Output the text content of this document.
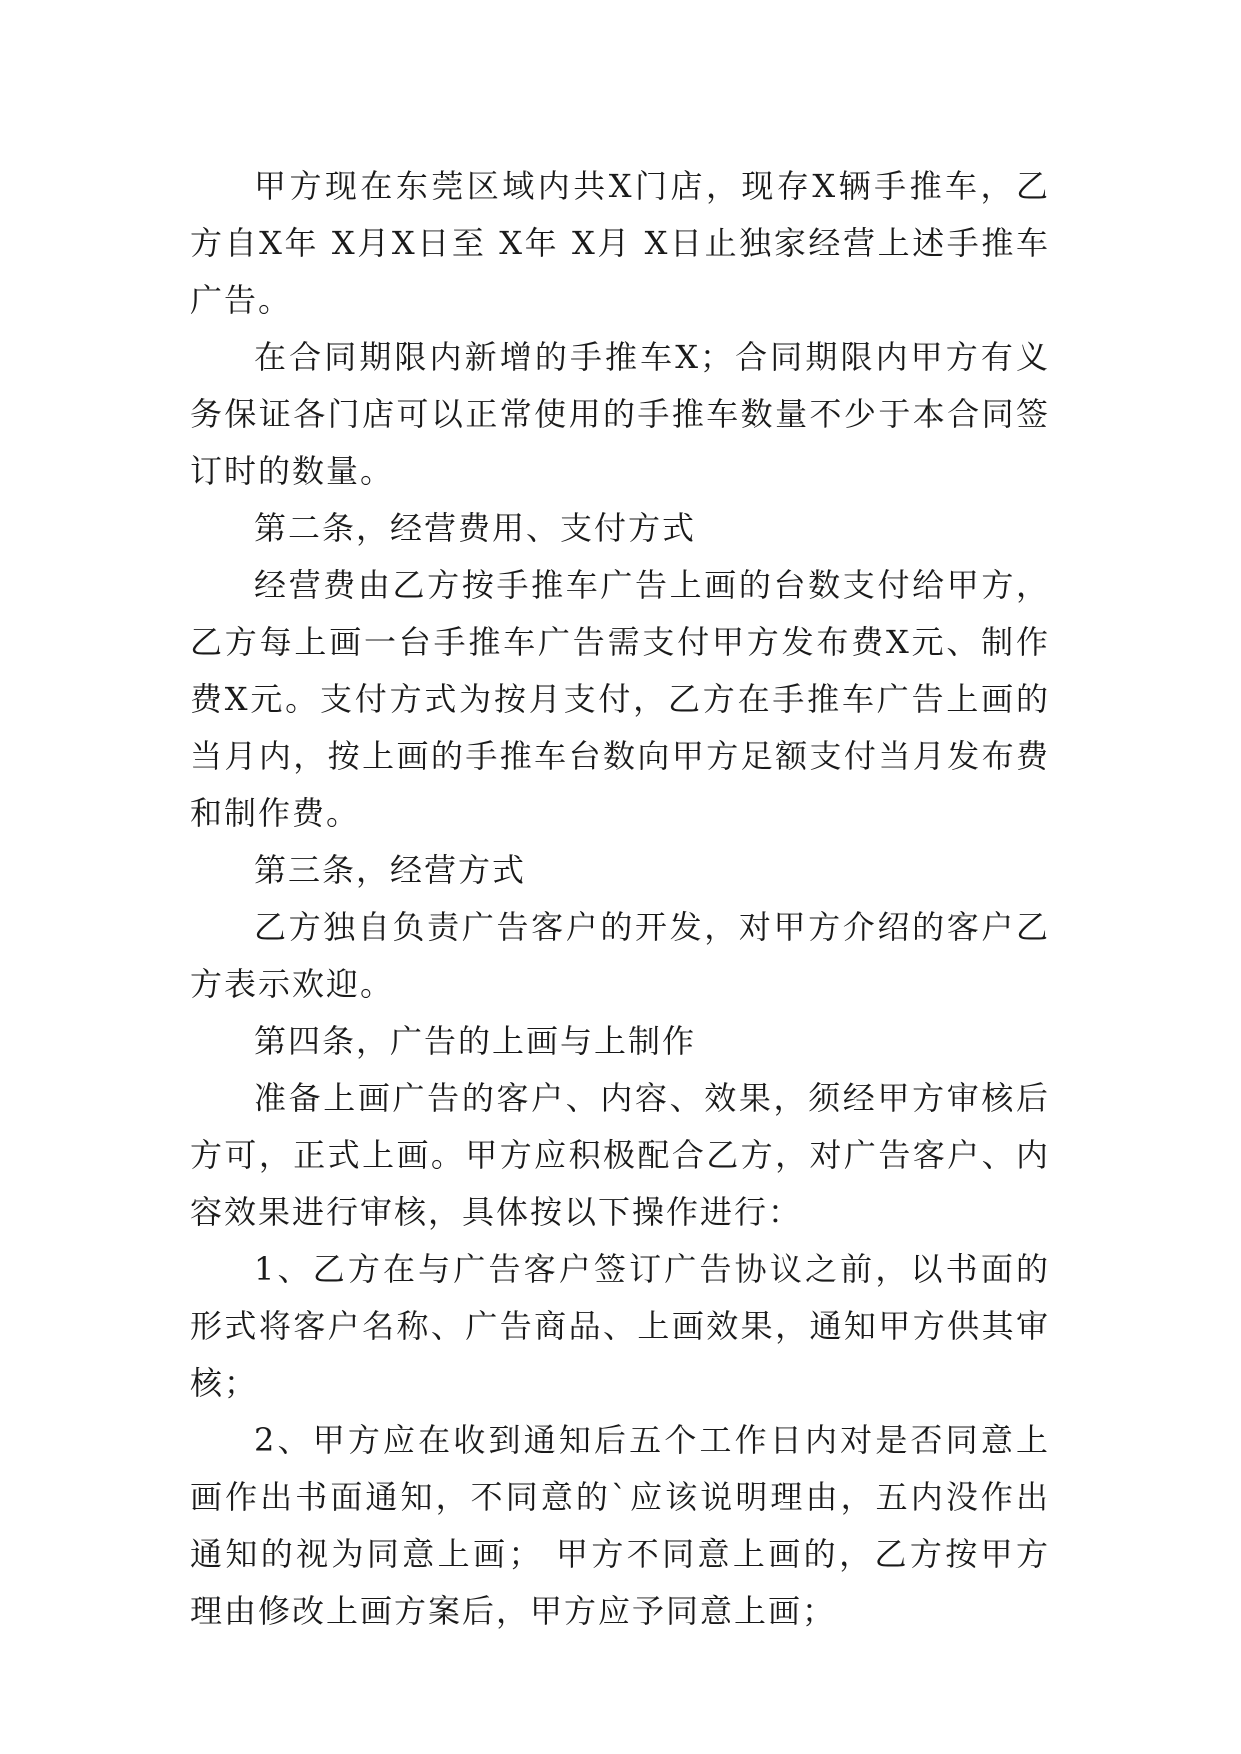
甲方现在东莞区域内共X门店，现存X辆手推车，乙方自X年 X月X日至 X年 X月 X日止独家经营上述手推车广告。

在合同期限内新增的手推车X；合同期限内甲方有义务保证各门店可以正常使用的手推车数量不少于本合同签订时的数量。

第二条，经营费用、支付方式

经营费由乙方按手推车广告上画的台数支付给甲方，乙方每上画一台手推车广告需支付甲方发布费X元、制作费X元。支付方式为按月支付，乙方在手推车广告上画的当月内，按上画的手推车台数向甲方足额支付当月发布费和制作费。

第三条，经营方式

乙方独自负责广告客户的开发，对甲方介绍的客户乙方表示欢迎。

第四条，广告的上画与上制作

准备上画广告的客户、内容、效果，须经甲方审核后方可，正式上画。甲方应积极配合乙方，对广告客户、内容效果进行审核，具体按以下操作进行：

1、乙方在与广告客户签订广告协议之前，以书面的形式将客户名称、广告商品、上画效果，通知甲方供其审核；

2、甲方应在收到通知后五个工作日内对是否同意上画作出书面通知，不同意的`应该说明理由，五内没作出通知的视为同意上画； 甲方不同意上画的，乙方按甲方理由修改上画方案后，甲方应予同意上画；
